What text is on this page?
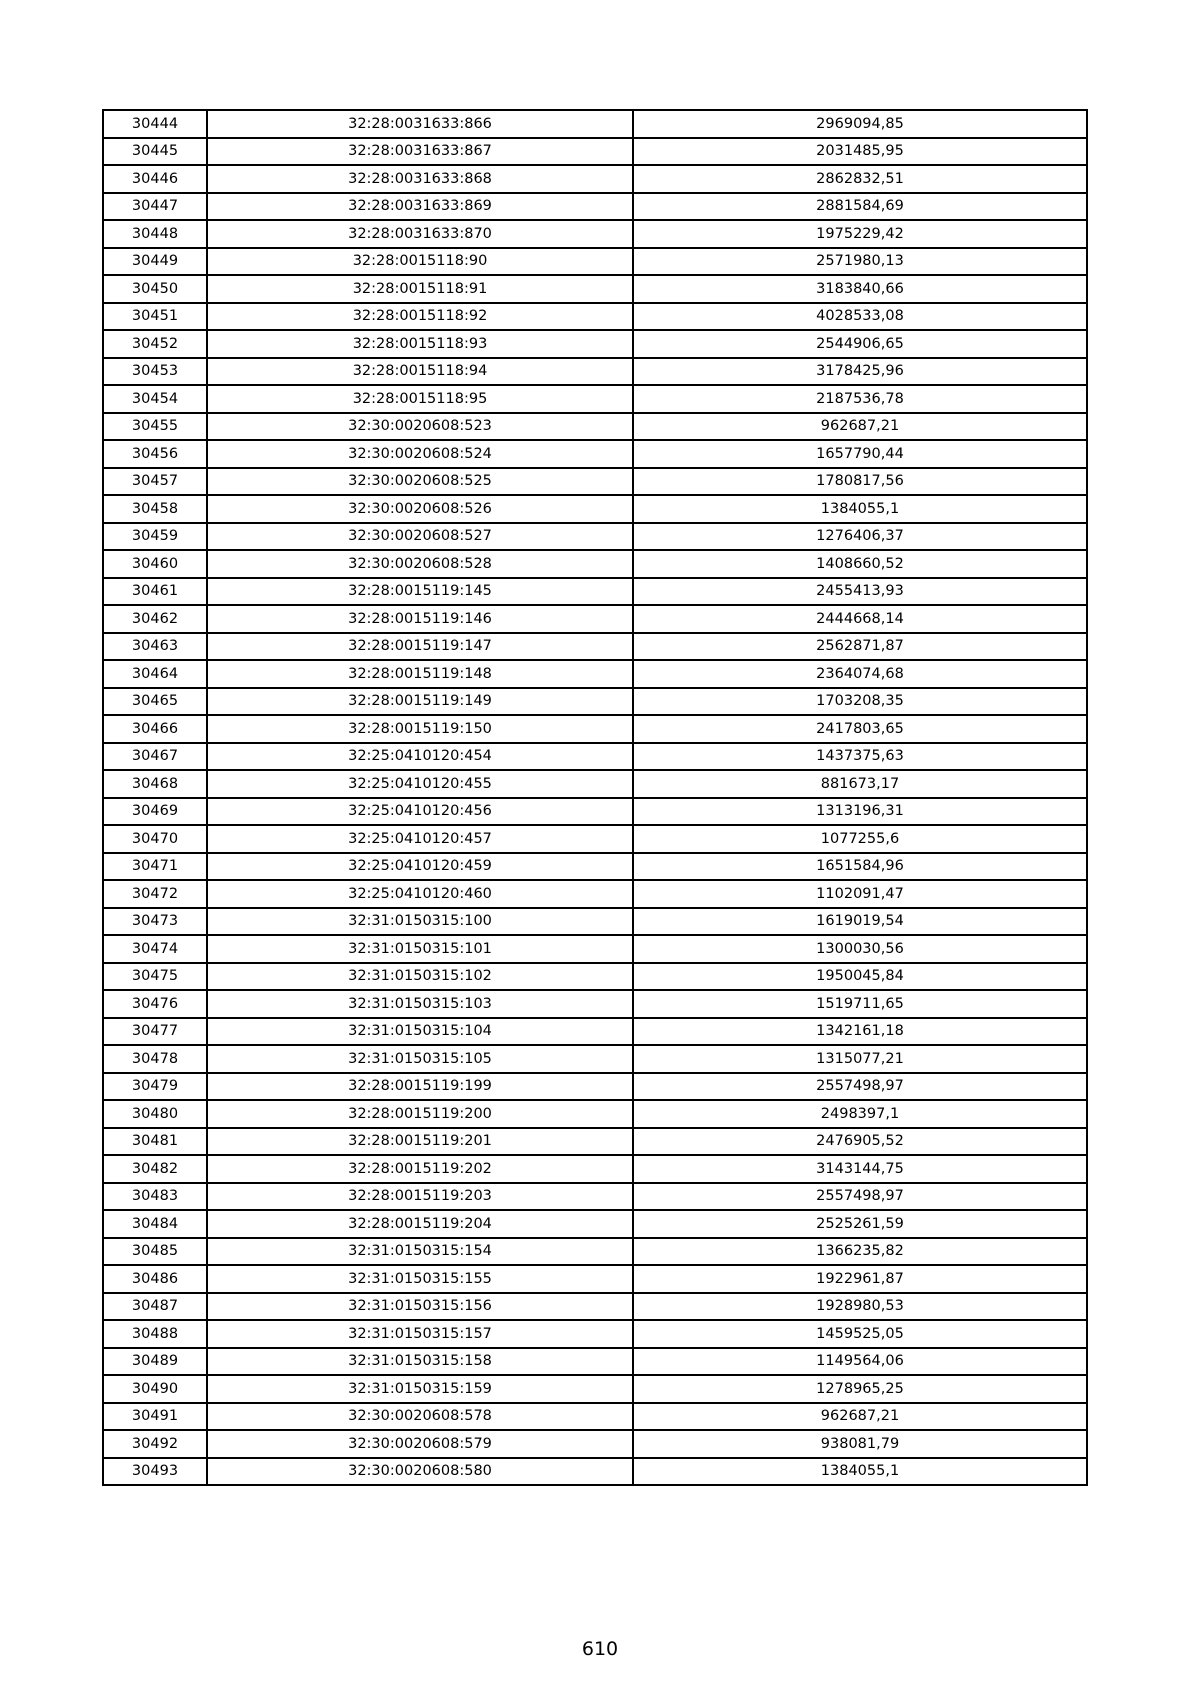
30444	32:28:0031633:866	2969094,85
30445	32:28:0031633:867	2031485,95
30446	32:28:0031633:868	2862832,51
30447	32:28:0031633:869	2881584,69
30448	32:28:0031633:870	1975229,42
30449	32:28:0015118:90	2571980,13
30450	32:28:0015118:91	3183840,66
30451	32:28:0015118:92	4028533,08
30452	32:28:0015118:93	2544906,65
30453	32:28:0015118:94	3178425,96
30454	32:28:0015118:95	2187536,78
30455	32:30:0020608:523	962687,21
30456	32:30:0020608:524	1657790,44
30457	32:30:0020608:525	1780817,56
30458	32:30:0020608:526	1384055,1
30459	32:30:0020608:527	1276406,37
30460	32:30:0020608:528	1408660,52
30461	32:28:0015119:145	2455413,93
30462	32:28:0015119:146	2444668,14
30463	32:28:0015119:147	2562871,87
30464	32:28:0015119:148	2364074,68
30465	32:28:0015119:149	1703208,35
30466	32:28:0015119:150	2417803,65
30467	32:25:0410120:454	1437375,63
30468	32:25:0410120:455	881673,17
30469	32:25:0410120:456	1313196,31
30470	32:25:0410120:457	1077255,6
30471	32:25:0410120:459	1651584,96
30472	32:25:0410120:460	1102091,47
30473	32:31:0150315:100	1619019,54
30474	32:31:0150315:101	1300030,56
30475	32:31:0150315:102	1950045,84
30476	32:31:0150315:103	1519711,65
30477	32:31:0150315:104	1342161,18
30478	32:31:0150315:105	1315077,21
30479	32:28:0015119:199	2557498,97
30480	32:28:0015119:200	2498397,1
30481	32:28:0015119:201	2476905,52
30482	32:28:0015119:202	3143144,75
30483	32:28:0015119:203	2557498,97
30484	32:28:0015119:204	2525261,59
30485	32:31:0150315:154	1366235,82
30486	32:31:0150315:155	1922961,87
30487	32:31:0150315:156	1928980,53
30488	32:31:0150315:157	1459525,05
30489	32:31:0150315:158	1149564,06
30490	32:31:0150315:159	1278965,25
30491	32:30:0020608:578	962687,21
30492	32:30:0020608:579	938081,79
30493	32:30:0020608:580	1384055,1
610
